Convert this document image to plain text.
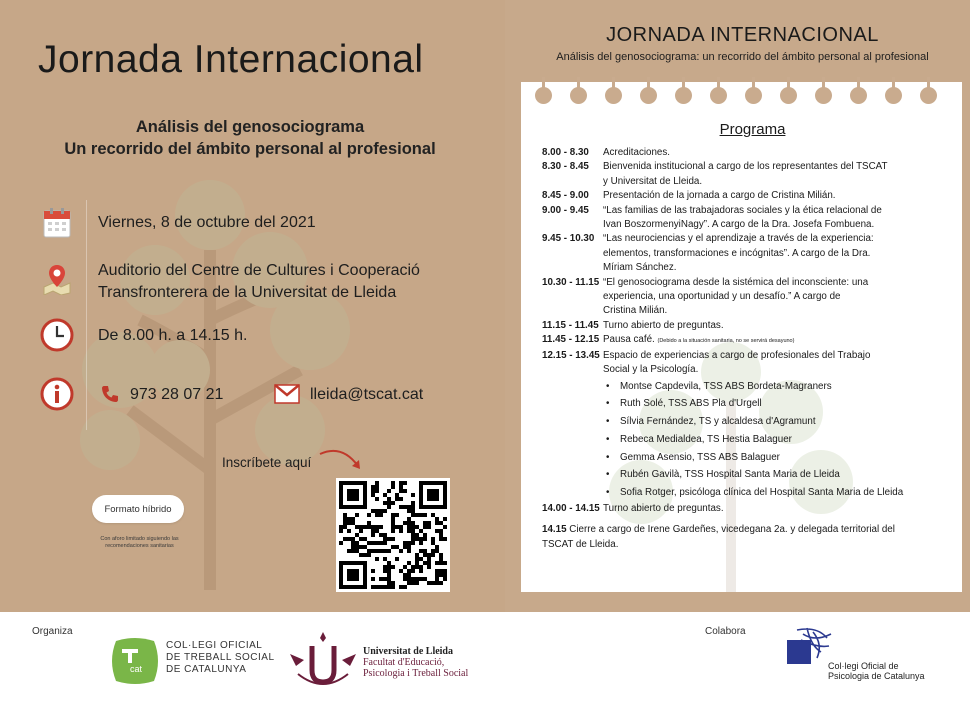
Jornada Internacional
Análisis del genosociograma
Un recorrido del ámbito personal al profesional
Viernes, 8 de octubre del 2021
Auditorio del Centre de Cultures i Cooperació
Transfronterera de la Universitat de Lleida
De 8.00 h. a 14.15 h.
973 28 07 21	lleida@tscat.cat
Inscríbete aquí
Formato híbrido
Con aforo limitado siguiendo las recomendaciones sanitarias
JORNADA INTERNACIONAL
Análisis del genosociograma: un recorrido del ámbito personal al profesional
Programa
8.00 - 8.30	Acreditaciones.
8.30 - 8.45	Bienvenida institucional a cargo de los representantes del TSCAT
y Universitat de Lleida.
8.45 - 9.00	Presentación de la jornada a cargo de Cristina Milián.
9.00 - 9.45	“Las familias de las trabajadoras sociales y la ética relacional de
Ivan BoszormenyiNagy”. A cargo de la Dra. Josefa Fombuena.
9.45 - 10.30 “Las neurociencias y el aprendizaje a través de la experiencia:
elementos, transformaciones e incógnitas”. A cargo de la Dra.
Míriam Sánchez.
10.30 - 11.15 “El genosociograma desde la sistémica del inconsciente: una
experiencia, una oportunidad y un desafío.” A cargo de
Cristina Milián.
11.15 - 11.45 Turno abierto de preguntas.
11.45 - 12.15 Pausa café. (Debido a la situación sanitaria, no se servirá desayuno)
12.15 - 13.45 Espacio de experiencias a cargo de profesionales del Trabajo
Social y la Psicología.
•	Montse Capdevila, TSS ABS Bordeta-Magraners
•	Ruth Solé, TSS ABS Pla d'Urgell
•	Sílvia Fernández, TS y alcaldesa d'Agramunt
•	Rebeca Medialdea, TS Hestia Balaguer
•	Gemma Asensio, TSS ABS Balaguer
•	Rubén Gavilà, TSS Hospital Santa Maria de Lleida
•	Sofia Rotger, psicóloga clínica del Hospital Santa Maria de Lleida
14.00 - 14.15 Turno abierto de preguntas.
14.15 Cierre a cargo de Irene Gardeñes, vicedegana 2a. y delegada territorial del
TSCAT de Lleida.
Organiza	Colabora
cat
COL·LEGI OFICIAL
DE TREBALL SOCIAL
DE CATALUNYA
Universitat de Lleida
Facultat d'Educació,
Psicologia i Treball Social
Col·legi Oficial de
Psicologia de Catalunya
